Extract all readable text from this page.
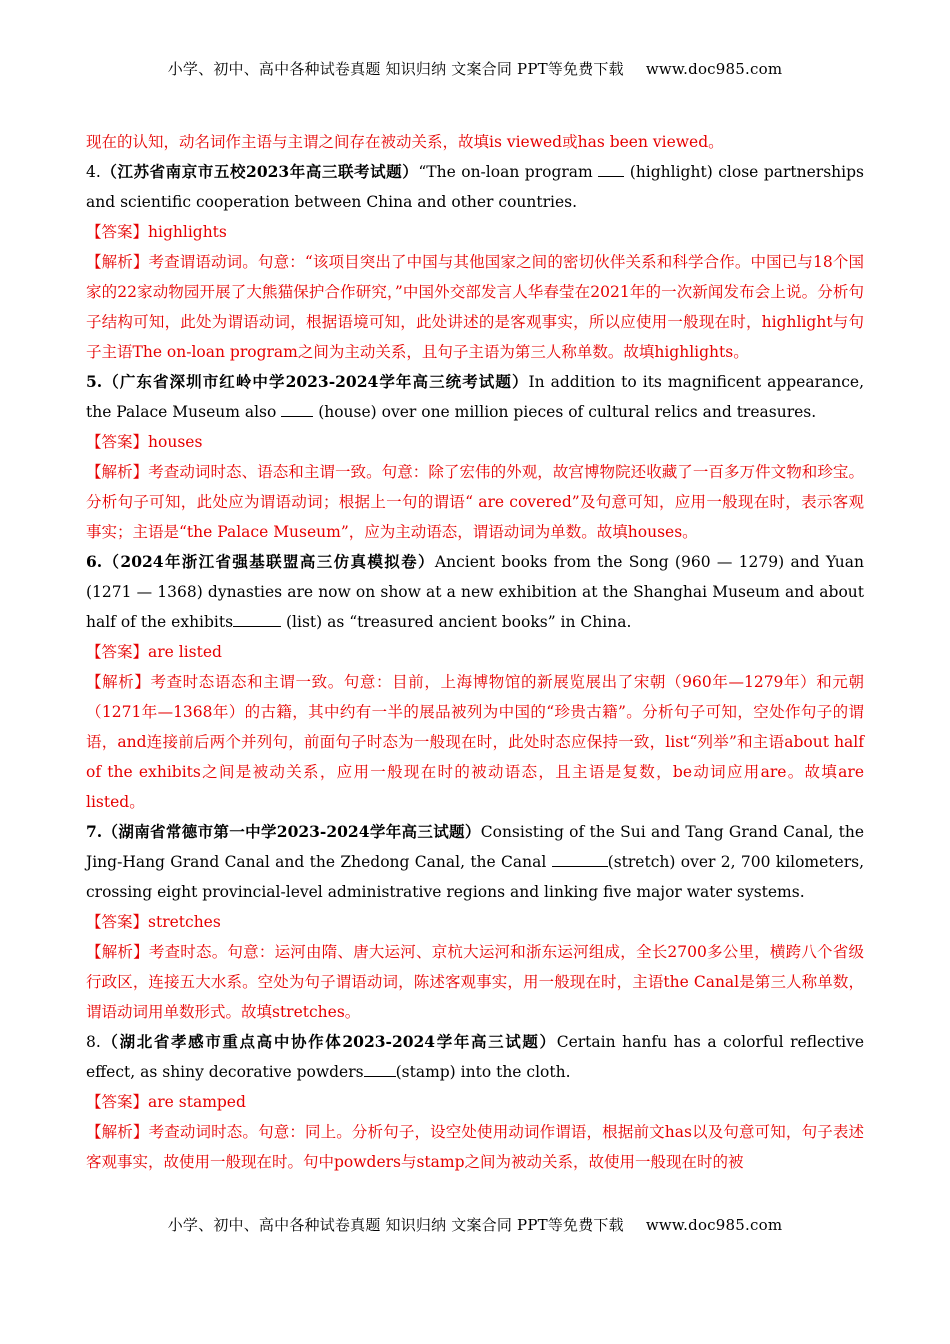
小学、初中、高中各种试卷真题 知识归纳 文案合同 PPT等免费下载 www.doc985.com

现在的认知，动名词作主语与主谓之间存在被动关系，故填is viewed或has been viewed。

4.（江苏省南京市五校2023年高三联考试题）“The on-loan program  (highlight) close partnerships and scientific cooperation between China and other countries.

【答案】highlights

【解析】考查谓语动词。句意：“该项目突出了中国与其他国家之间的密切伙伴关系和科学合作。中国已与18个国家的22家动物园开展了大熊猫保护合作研究，”中国外交部发言人华春莹在2021年的一次新闻发布会上说。分析句子结构可知，此处为谓语动词，根据语境可知，此处讲述的是客观事实，所以应使用一般现在时，highlight与句子主语The on-loan program之间为主动关系，且句子主语为第三人称单数。故填highlights。

5.（广东省深圳市红岭中学2023-2024学年高三统考试题）In addition to its magnificent appearance, the Palace Museum also  (house) over one million pieces of cultural relics and treasures.

【答案】houses

【解析】考查动词时态、语态和主谓一致。句意：除了宏伟的外观，故宫博物院还收藏了一百多万件文物和珍宝。分析句子可知，此处应为谓语动词；根据上一句的谓语“ are covered”及句意可知，应用一般现在时，表示客观事实；主语是“the Palace Museum”，应为主动语态，谓语动词为单数。故填houses。

6.（2024年浙江省强基联盟高三仿真模拟卷）Ancient books from the Song (960 — 1279) and Yuan (1271 — 1368) dynasties are now on show at a new exhibition at the Shanghai Museum and about half of the exhibits	(list) as “treasured ancient books” in China.

【答案】are listed

【解析】考查时态语态和主谓一致。句意：目前，上海博物馆的新展览展出了宋朝（960年—1279年）和元朝（1271年—1368年）的古籍，其中约有一半的展品被列为中国的“珍贵古籍”。分析句子可知，空处作句子的谓语，and连接前后两个并列句，前面句子时态为一般现在时，此处时态应保持一致，list“列举”和主语about half of the exhibits之间是被动关系，应用一般现在时的被动语态，且主语是复数，be动词应用are。故填are listed。

7.（湖南省常德市第一中学2023-2024学年高三试题）Consisting of the Sui and Tang Grand Canal, the Jing-Hang Grand Canal and the Zhedong Canal, the Canal	(stretch) over 2, 700 kilometers, crossing eight provincial-level administrative regions and linking five major water systems.

【答案】stretches

【解析】考查时态。句意：运河由隋、唐大运河、京杭大运河和浙东运河组成，全长2700多公里，横跨八个省级行政区，连接五大水系。空处为句子谓语动词，陈述客观事实，用一般现在时，主语the Canal是第三人称单数，谓语动词用单数形式。故填stretches。

8.（湖北省孝感市重点高中协作体2023-2024学年高三试题）Certain hanfu has a colorful reflective effect, as shiny decorative powders (stamp) into the cloth.

【答案】are stamped

【解析】考查动词时态。句意：同上。分析句子，设空处使用动词作谓语，根据前文has以及句意可知，句子表述客观事实，故使用一般现在时。句中powders与stamp之间为被动关系，故使用一般现在时的被

小学、初中、高中各种试卷真题 知识归纳 文案合同 PPT等免费下载 www.doc985.com
